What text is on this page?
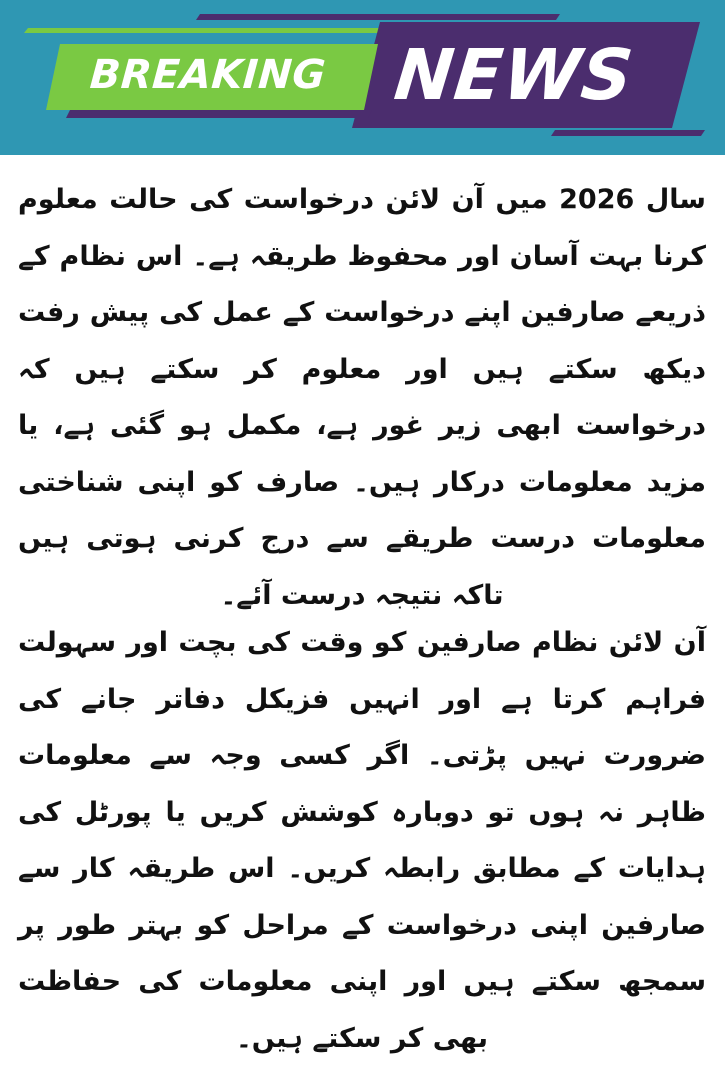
BREAKING NEWS

سال 2026 میں آن لائن درخواست کی حالت معلوم کرنا بہت آسان اور محفوظ طریقہ ہے۔ اس نظام کے ذریعے صارفین اپنے درخواست کے عمل کی پیش رفت دیکھ سکتے ہیں اور معلوم کر سکتے ہیں کہ درخواست ابھی زیر غور ہے، مکمل ہو گئی ہے، یا مزید معلومات درکار ہیں۔ صارف کو اپنی شناختی معلومات درست طریقے سے درج کرنی ہوتی ہیں تاکہ نتیجہ درست آئے۔

آن لائن نظام صارفین کو وقت کی بچت اور سہولت فراہم کرتا ہے اور انہیں فزیکل دفاتر جانے کی ضرورت نہیں پڑتی۔ اگر کسی وجہ سے معلومات ظاہر نہ ہوں تو دوبارہ کوشش کریں یا پورٹل کی ہدایات کے مطابق رابطہ کریں۔ اس طریقہ کار سے صارفین اپنی درخواست کے مراحل کو بہتر طور پر سمجھ سکتے ہیں اور اپنی معلومات کی حفاظت بھی کر سکتے ہیں۔
